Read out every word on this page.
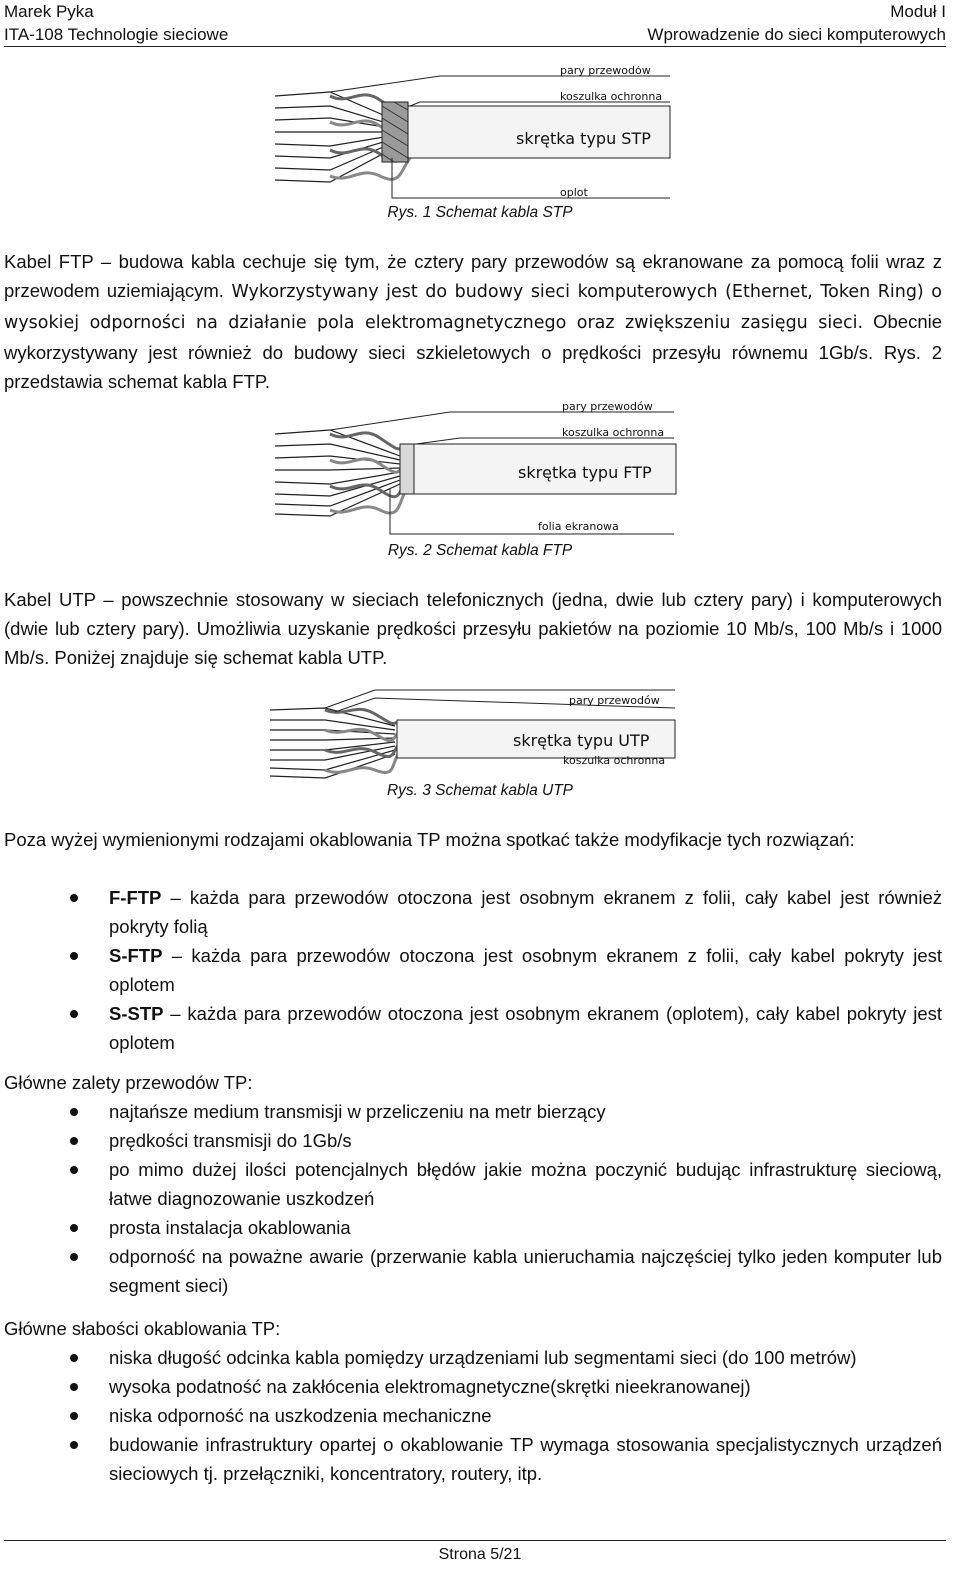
Marek Pyka
ITA-108 Technologie sieciowe
Moduł I
Wprowadzenie do sieci komputerowych
pary przewodów
koszulka ochronna
skrętka typu STP
oplot
Rys. 1 Schemat kabla STP
Kabel FTP – budowa kabla cechuje się tym, że cztery pary przewodów są ekranowane za pomocą folii wraz z przewodem uziemiającym. Wykorzystywany jest do budowy sieci komputerowych (Ethernet, Token Ring) o wysokiej odporności na działanie pola elektromagnetycznego oraz zwiększeniu zasięgu sieci. Obecnie wykorzystywany jest również do budowy sieci szkieletowych o prędkości przesyłu równemu 1Gb/s. Rys. 2 przedstawia schemat kabla FTP.
pary przewodów
koszulka ochronna
skrętka typu FTP
folia ekranowa
Rys. 2 Schemat kabla FTP
Kabel UTP – powszechnie stosowany w sieciach telefonicznych (jedna, dwie lub cztery pary) i komputerowych (dwie lub cztery pary). Umożliwia uzyskanie prędkości przesyłu pakietów na poziomie 10 Mb/s, 100 Mb/s i 1000 Mb/s. Poniżej znajduje się schemat kabla UTP.
pary przewodów
skrętka typu UTP
koszulka ochronna
Rys. 3 Schemat kabla UTP
Poza wyżej wymienionymi rodzajami okablowania TP można spotkać także modyfikacje tych rozwiązań:
F-FTP – każda para przewodów otoczona jest osobnym ekranem z folii, cały kabel jest również pokryty folią
S-FTP – każda para przewodów otoczona jest osobnym ekranem z folii, cały kabel pokryty jest oplotem
S-STP – każda para przewodów otoczona jest osobnym ekranem (oplotem), cały kabel pokryty jest oplotem
Główne zalety przewodów TP:
najtańsze medium transmisji w przeliczeniu na metr bierzący
prędkości transmisji do 1Gb/s
po mimo dużej ilości potencjalnych błędów jakie można poczynić budując infrastrukturę sieciową, łatwe diagnozowanie uszkodzeń
prosta instalacja okablowania
odporność na poważne awarie (przerwanie kabla unieruchamia najczęściej tylko jeden komputer lub segment sieci)
Główne słabości okablowania TP:
niska długość odcinka kabla pomiędzy urządzeniami lub segmentami sieci (do 100 metrów)
wysoka podatność na zakłócenia elektromagnetyczne(skrętki nieekranowanej)
niska odporność na uszkodzenia mechaniczne
budowanie infrastruktury opartej o okablowanie TP wymaga stosowania specjalistycznych urządzeń sieciowych tj. przełączniki, koncentratory, routery, itp.
Strona 5/21
